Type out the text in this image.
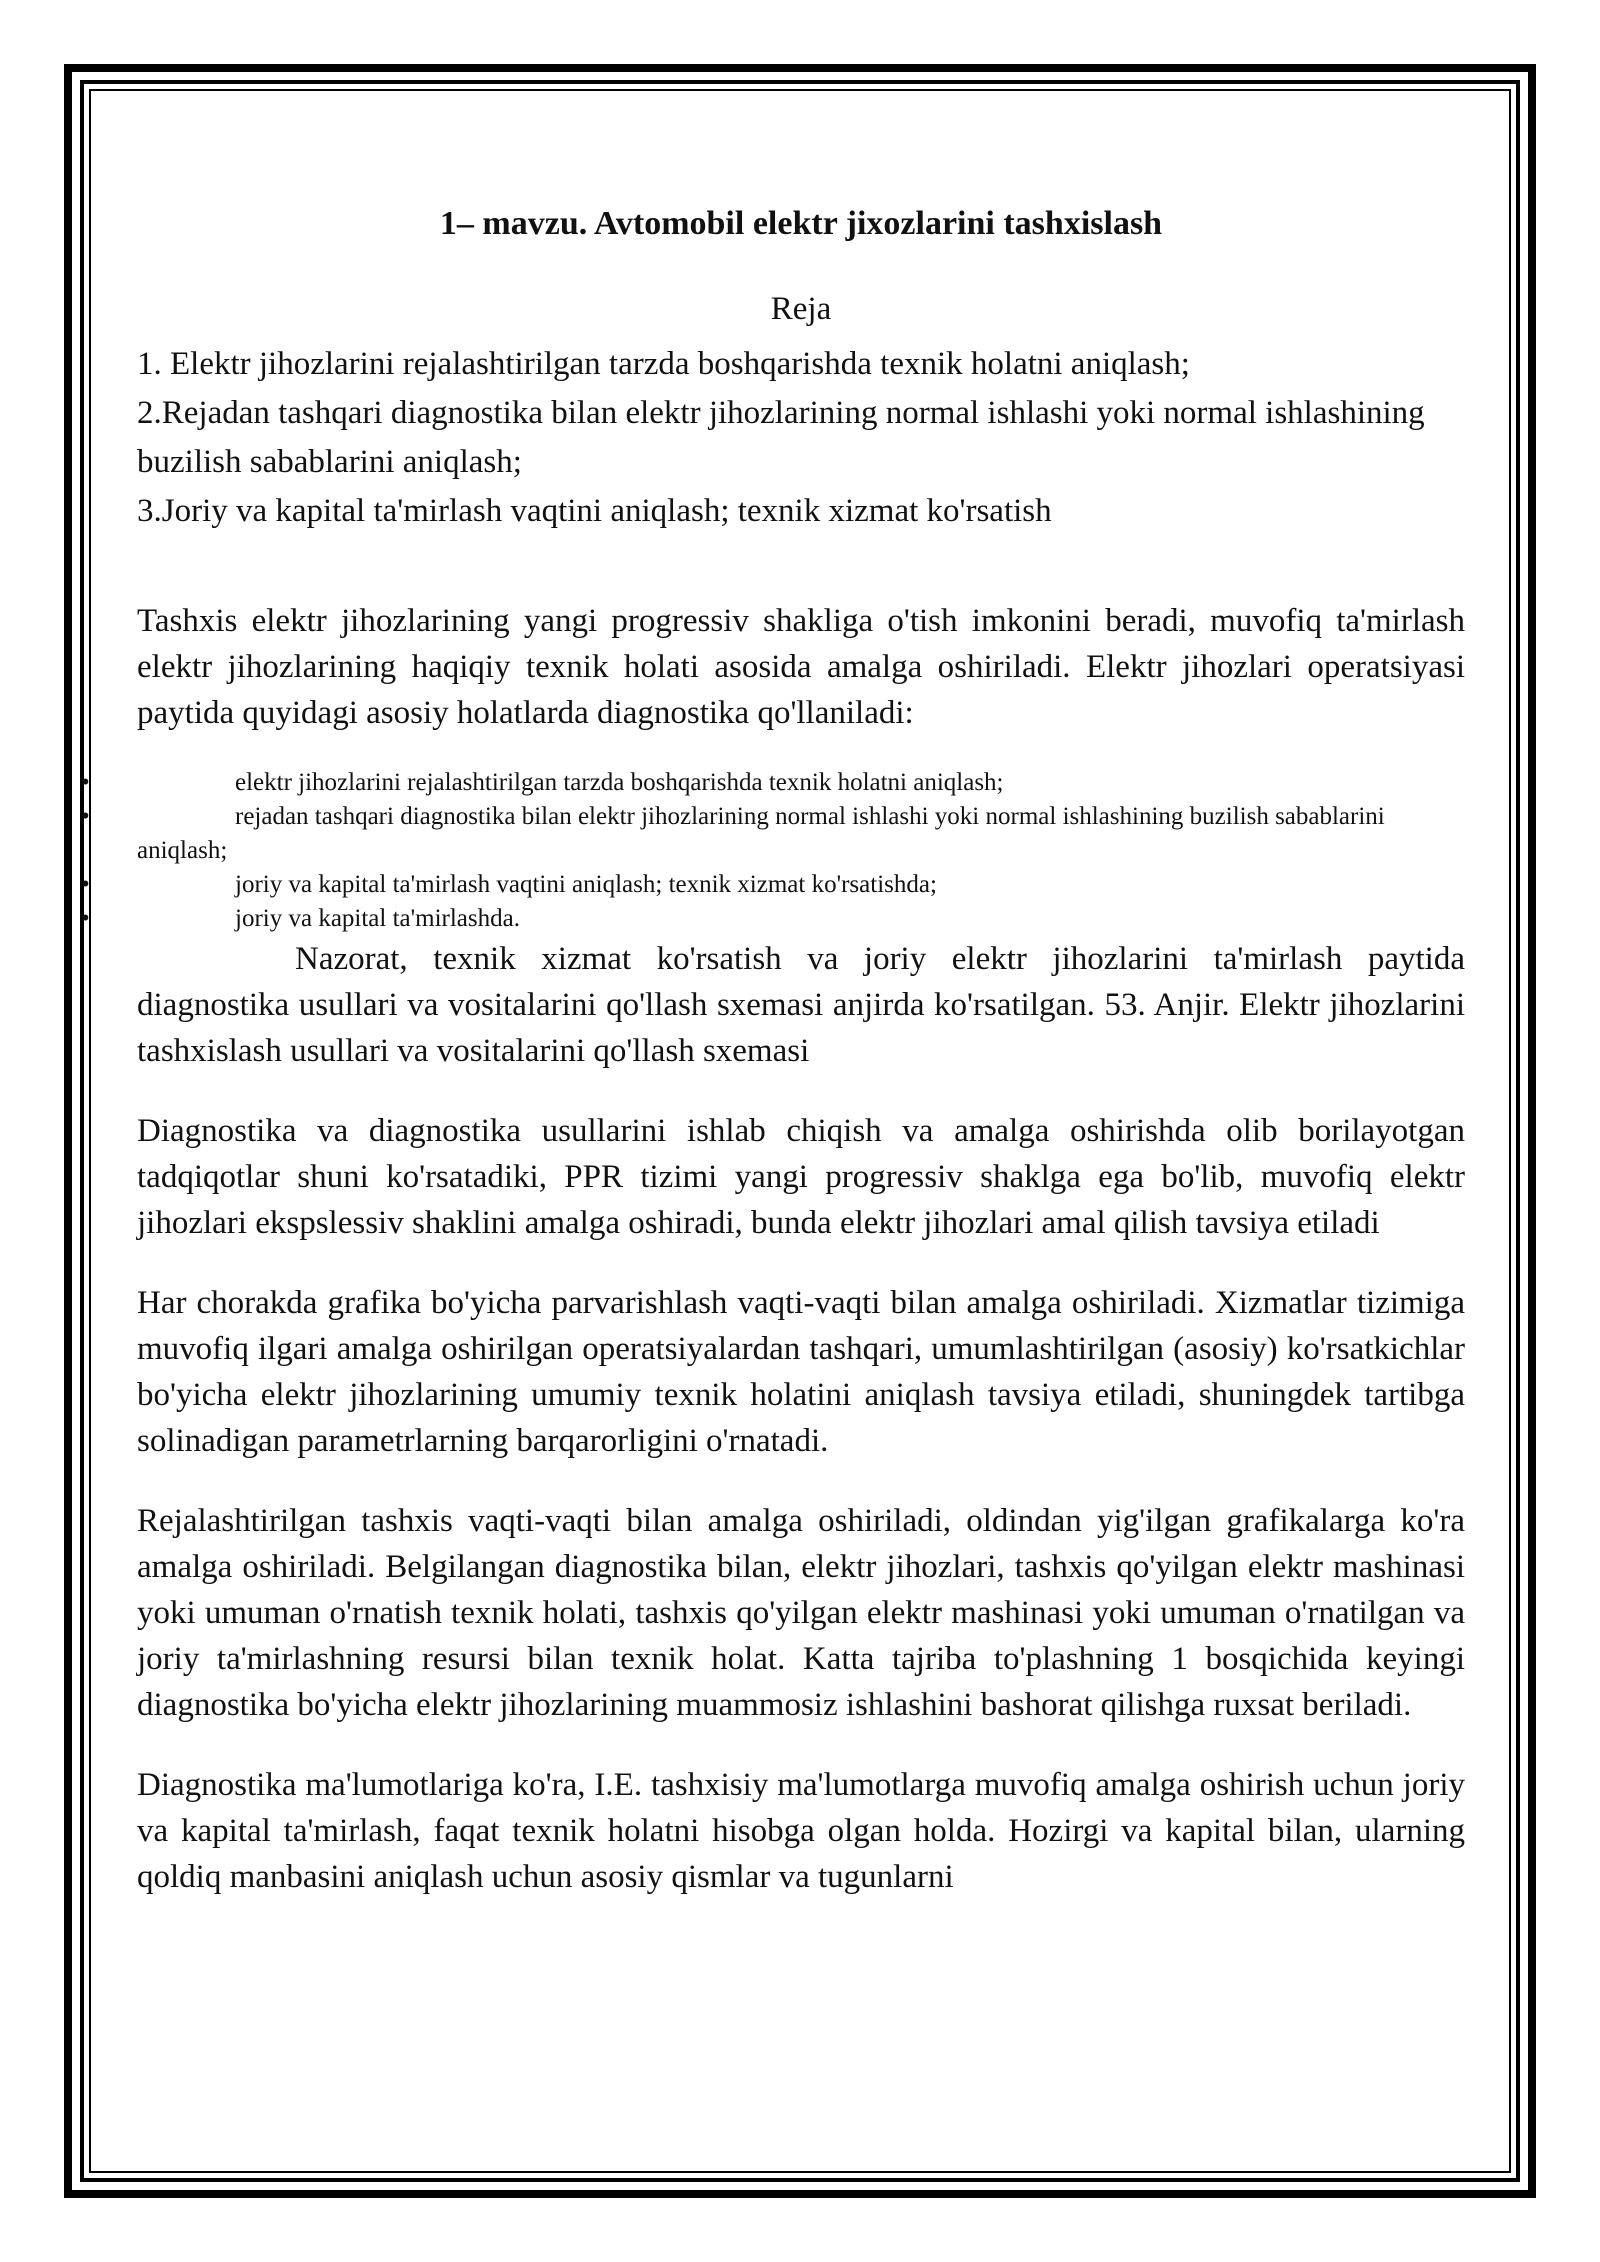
1– mavzu. Avtomobil elektr jixozlarini tashxislash
Reja

1. Elektr jihozlarini rejalashtirilgan tarzda boshqarishda texnik holatni aniqlash;

2.Rejadan tashqari diagnostika bilan elektr jihozlarining normal ishlashi yoki normal ishlashining buzilish sabablarini aniqlash;

3.Joriy va kapital ta'mirlash vaqtini aniqlash; texnik xizmat ko'rsatish

Tashxis elektr jihozlarining yangi progressiv shakliga o'tish imkonini beradi, muvofiq ta'mirlash elektr jihozlarining haqiqiy texnik holati asosida amalga oshiriladi. Elektr jihozlari operatsiyasi paytida quyidagi asosiy holatlarda diagnostika qo'llaniladi:

•	elektr jihozlarini rejalashtirilgan tarzda boshqarishda texnik holatni aniqlash;
•	rejadan tashqari diagnostika bilan elektr jihozlarining normal ishlashi yoki normal ishlashining buzilish sabablarini aniqlash;
•	joriy va kapital ta'mirlash vaqtini aniqlash; texnik xizmat ko'rsatishda;
•	joriy va kapital ta'mirlashda.

Nazorat, texnik xizmat ko'rsatish va joriy elektr jihozlarini ta'mirlash paytida diagnostika usullari va vositalarini qo'llash sxemasi anjirda ko'rsatilgan. 53. Anjir. Elektr jihozlarini tashxislash usullari va vositalarini qo'llash sxemasi

Diagnostika va diagnostika usullarini ishlab chiqish va amalga oshirishda olib borilayotgan tadqiqotlar shuni ko'rsatadiki, PPR tizimi yangi progressiv shaklga ega bo'lib, muvofiq elektr jihozlari ekspslessiv shaklini amalga oshiradi, bunda elektr jihozlari amal qilish tavsiya etiladi

Har chorakda grafika bo'yicha parvarishlash vaqti-vaqti bilan amalga oshiriladi. Xizmatlar tizimiga muvofiq ilgari amalga oshirilgan operatsiyalardan tashqari, umumlashtirilgan (asosiy) ko'rsatkichlar bo'yicha elektr jihozlarining umumiy texnik holatini aniqlash tavsiya etiladi, shuningdek tartibga solinadigan parametrlarning barqarorligini o'rnatadi.

Rejalashtirilgan tashxis vaqti-vaqti bilan amalga oshiriladi, oldindan yig'ilgan grafikalarga ko'ra amalga oshiriladi. Belgilangan diagnostika bilan, elektr jihozlari, tashxis qo'yilgan elektr mashinasi yoki umuman o'rnatish texnik holati, tashxis qo'yilgan elektr mashinasi yoki umuman o'rnatilgan va joriy ta'mirlashning resursi bilan texnik holat. Katta tajriba to'plashning 1 bosqichida keyingi diagnostika bo'yicha elektr jihozlarining muammosiz ishlashini bashorat qilishga ruxsat beriladi.

Diagnostika ma'lumotlariga ko'ra, I.E. tashxisiy ma'lumotlarga muvofiq amalga oshirish uchun joriy va kapital ta'mirlash, faqat texnik holatni hisobga olgan holda. Hozirgi va kapital bilan, ularning qoldiq manbasini aniqlash uchun asosiy qismlar va tugunlarni
